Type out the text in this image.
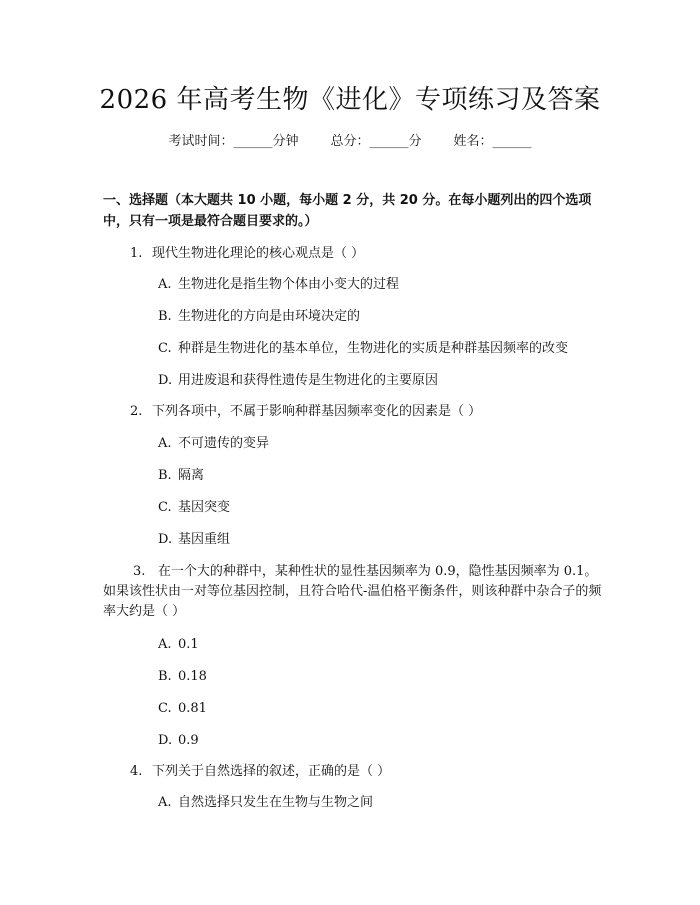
2026 年高考生物《进化》专项练习及答案
考试时间：______分钟 总分：______分 姓名：______
一、选择题（本大题共 10 小题，每小题 2 分，共 20 分。在每小题列出的四个选项中，只有一项是最符合题目要求的。）
1. 现代生物进化理论的核心观点是（ ）
A. 生物进化是指生物个体由小变大的过程
B. 生物进化的方向是由环境决定的
C. 种群是生物进化的基本单位，生物进化的实质是种群基因频率的改变
D. 用进废退和获得性遗传是生物进化的主要原因
2. 下列各项中，不属于影响种群基因频率变化的因素是（ ）
A. 不可遗传的变异
B. 隔离
C. 基因突变
D. 基因重组
3. 在一个大的种群中，某种性状的显性基因频率为 0.9，隐性基因频率为 0.1。如果该性状由一对等位基因控制，且符合哈代-温伯格平衡条件，则该种群中杂合子的频率大约是（ ）
A. 0.1
B. 0.18
C. 0.81
D. 0.9
4. 下列关于自然选择的叙述，正确的是（ ）
A. 自然选择只发生在生物与生物之间
